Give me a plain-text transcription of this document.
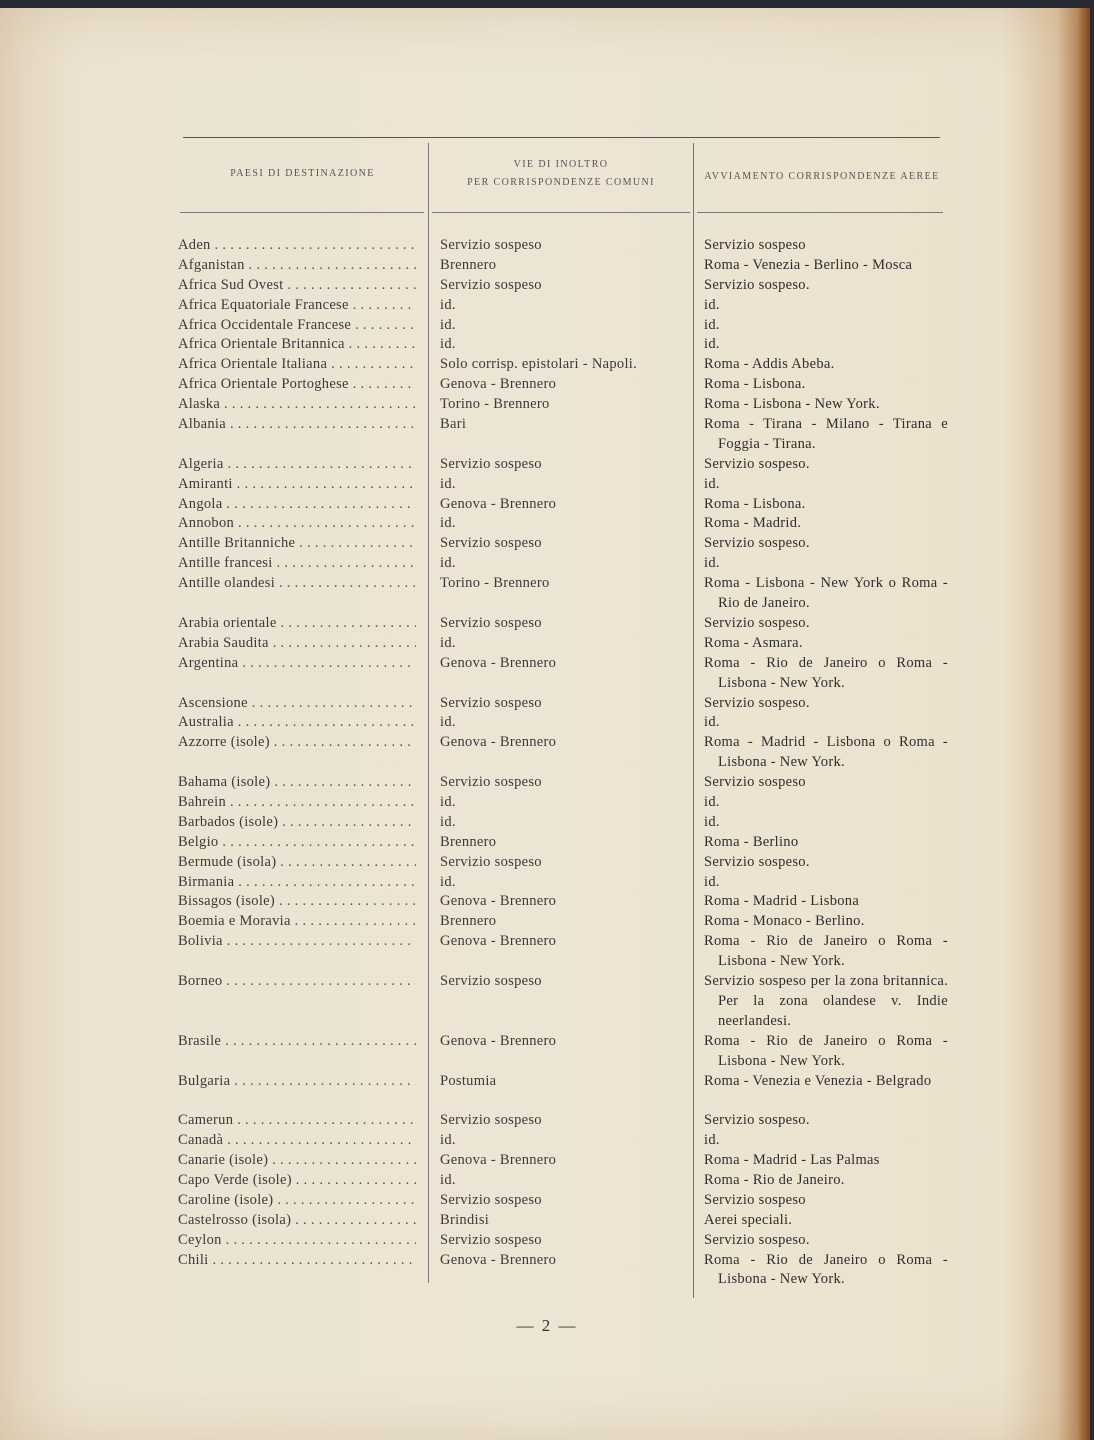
PAESI DI DESTINAZIONE
VIE DI INOLTRO
PER CORRISPONDENZE COMUNI
AVVIAMENTO CORRISPONDENZE AEREE
Aden . . .	Servizio sospeso	Servizio sospeso
Afganistan . . .	Brennero	Roma - Venezia - Berlino - Mosca
Africa Sud Ovest . . .	Servizio sospeso	Servizio sospeso.
Africa Equatoriale Francese . . .	id.	id.
Africa Occidentale Francese . . .	id.	id.
Africa Orientale Britannica . . .	id.	id.
Africa Orientale Italiana . . .	Solo corrisp. epistolari - Napoli.	Roma - Addis Abeba.
Africa Orientale Portoghese . . .	Genova - Brennero	Roma - Lisbona.
Alaska . . .	Torino - Brennero	Roma - Lisbona - New York.
Albania . . .	Bari	Roma - Tirana - Milano - Tirana e Foggia - Tirana.
Algeria . . .	Servizio sospeso	Servizio sospeso.
Amiranti . . .	id.	id.
Angola . . .	Genova - Brennero	Roma - Lisbona.
Annobon . . .	id.	Roma - Madrid.
Antille Britanniche . . .	Servizio sospeso	Servizio sospeso.
Antille francesi . . .	id.	id.
Antille olandesi . . .	Torino - Brennero	Roma - Lisbona - New York o Roma - Rio de Janeiro.
Arabia orientale . . .	Servizio sospeso	Servizio sospeso.
Arabia Saudita . . .	id.	Roma - Asmara.
Argentina . . .	Genova - Brennero	Roma - Rio de Janeiro o Roma - Lisbona - New York.
Ascensione . . .	Servizio sospeso	Servizio sospeso.
Australia . . .	id.	id.
Azzorre (isole) . . .	Genova - Brennero	Roma - Madrid - Lisbona o Roma - Lisbona - New York.
Bahama (isole) . . .	Servizio sospeso	Servizio sospeso
Bahrein . . .	id.	id.
Barbados (isole) . . .	id.	id.
Belgio . . .	Brennero	Roma - Berlino
Bermude (isola) . . .	Servizio sospeso	Servizio sospeso.
Birmania . . .	id.	id.
Bissagos (isole) . . .	Genova - Brennero	Roma - Madrid - Lisbona
Boemia e Moravia . . .	Brennero	Roma - Monaco - Berlino.
Bolivia . . .	Genova - Brennero	Roma - Rio de Janeiro o Roma - Lisbona - New York.
Borneo . . .	Servizio sospeso	Servizio sospeso per la zona britannica. Per la zona olandese v. Indie neerlandesi.
Brasile . . .	Genova - Brennero	Roma - Rio de Janeiro o Roma - Lisbona - New York.
Bulgaria . . .	Postumia	Roma - Venezia e Venezia - Belgrado
Camerun . . .	Servizio sospeso	Servizio sospeso.
Canadà . . .	id.	id.
Canarie (isole) . . .	Genova - Brennero	Roma - Madrid - Las Palmas
Capo Verde (isole) . . .	id.	Roma - Rio de Janeiro.
Caroline (isole) . . .	Servizio sospeso	Servizio sospeso
Castelrosso (isola) . . .	Brindisi	Aerei speciali.
Ceylon . . .	Servizio sospeso	Servizio sospeso.
Chili . . .	Genova - Brennero	Roma - Rio de Janeiro o Roma - Lisbona - New York.
— 2 —
